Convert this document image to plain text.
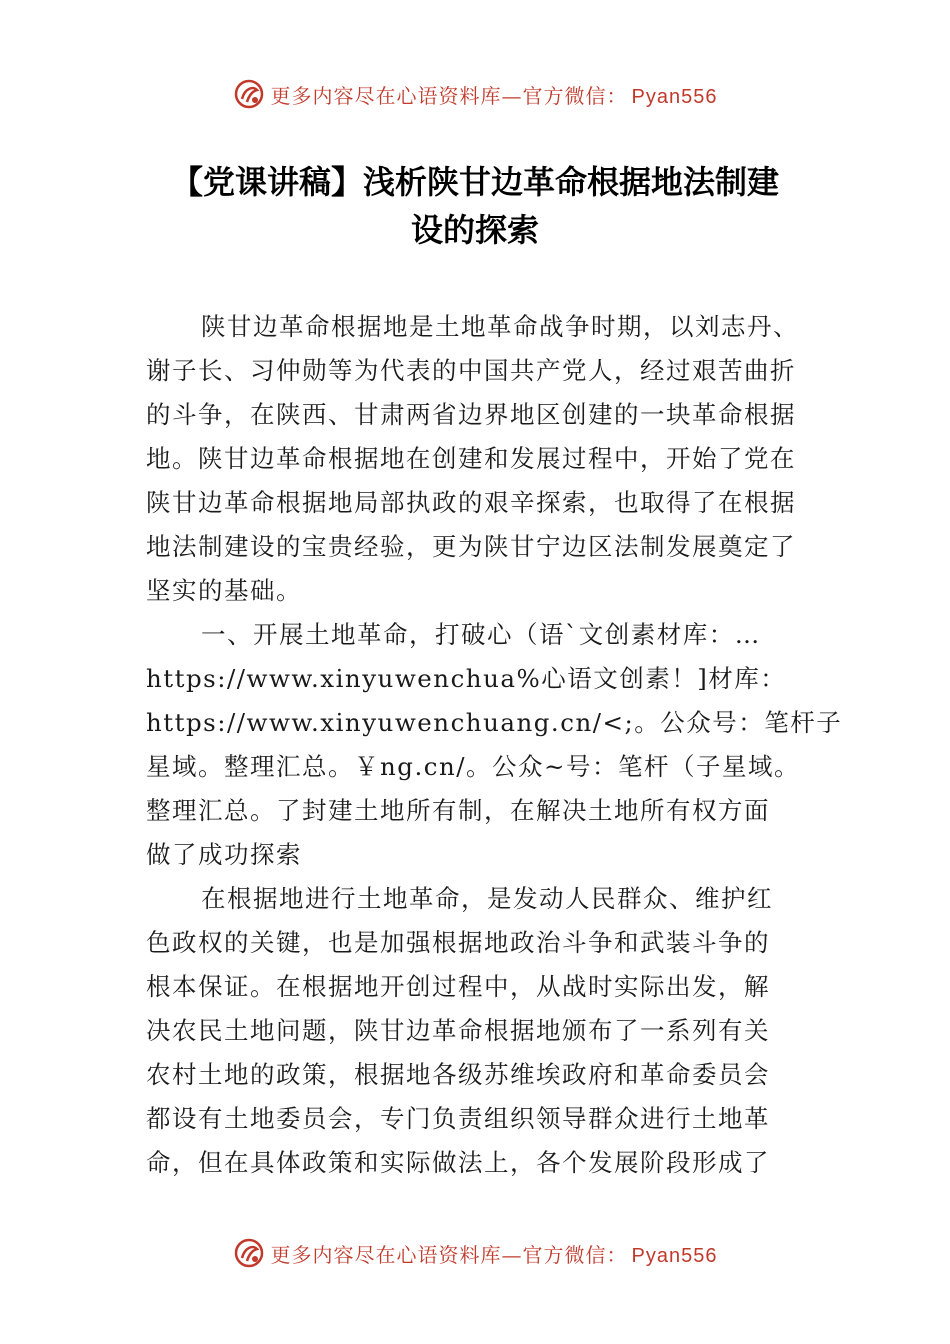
更多内容尽在心语资料库—官方微信： Pyan556
【党课讲稿】浅析陕甘边革命根据地法制建
设的探索
陕甘边革命根据地是土地革命战争时期，以刘志丹、
谢子长、习仲勋等为代表的中国共产党人，经过艰苦曲折
的斗争，在陕西、甘肃两省边界地区创建的一块革命根据
地。陕甘边革命根据地在创建和发展过程中，开始了党在
陕甘边革命根据地局部执政的艰辛探索，也取得了在根据
地法制建设的宝贵经验，更为陕甘宁边区法制发展奠定了
坚实的基础。
一、开展土地革命，打破心（语`文创素材库：…
https://www.xinyuwenchua%心语文创素！]材库：
https://www.xinyuwenchuang.cn/<;。公众号：笔杆子
星域。整理汇总。￥ng.cn/。公众~号：笔杆（子星域。
整理汇总。了封建土地所有制，在解决土地所有权方面
做了成功探索
在根据地进行土地革命，是发动人民群众、维护红
色政权的关键，也是加强根据地政治斗争和武装斗争的
根本保证。在根据地开创过程中，从战时实际出发，解
决农民土地问题，陕甘边革命根据地颁布了一系列有关
农村土地的政策，根据地各级苏维埃政府和革命委员会
都设有土地委员会，专门负责组织领导群众进行土地革
命，但在具体政策和实际做法上，各个发展阶段形成了
更多内容尽在心语资料库—官方微信： Pyan556
